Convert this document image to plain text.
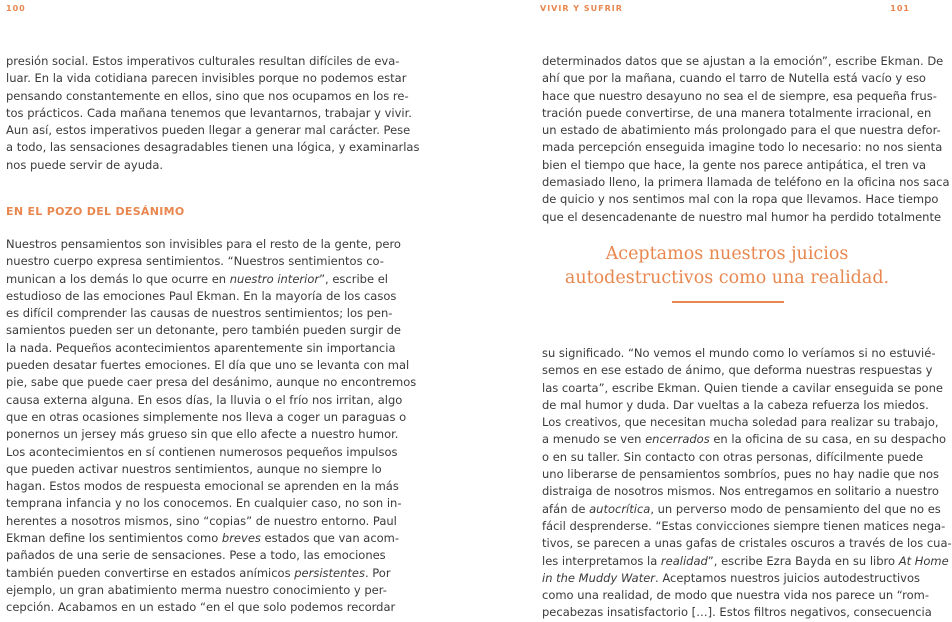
100

presión social. Estos imperativos culturales resultan difíciles de eva-
luar. En la vida cotidiana parecen invisibles porque no podemos estar
pensando constantemente en ellos, sino que nos ocupamos en los re-
tos prácticos. Cada mañana tenemos que levantarnos, trabajar y vivir.
Aun así, estos imperativos pueden llegar a generar mal carácter. Pese
a todo, las sensaciones desagradables tienen una lógica, y examinarlas
nos puede servir de ayuda.

EN EL POZO DEL DESÁNIMO

Nuestros pensamientos son invisibles para el resto de la gente, pero
nuestro cuerpo expresa sentimientos. “Nuestros sentimientos co-
munican a los demás lo que ocurre en nuestro interior”, escribe el
estudioso de las emociones Paul Ekman. En la mayoría de los casos
es difícil comprender las causas de nuestros sentimientos; los pen-
samientos pueden ser un detonante, pero también pueden surgir de
la nada. Pequeños acontecimientos aparentemente sin importancia
pueden desatar fuertes emociones. El día que uno se levanta con mal
pie, sabe que puede caer presa del desánimo, aunque no encontremos
causa externa alguna. En esos días, la lluvia o el frío nos irritan, algo
que en otras ocasiones simplemente nos lleva a coger un paraguas o
ponernos un jersey más grueso sin que ello afecte a nuestro humor.
Los acontecimientos en sí contienen numerosos pequeños impulsos
que pueden activar nuestros sentimientos, aunque no siempre lo
hagan. Estos modos de respuesta emocional se aprenden en la más
temprana infancia y no los conocemos. En cualquier caso, no son in-
herentes a nosotros mismos, sino “copias” de nuestro entorno. Paul
Ekman define los sentimientos como breves estados que van acom-
pañados de una serie de sensaciones. Pese a todo, las emociones
también pueden convertirse en estados anímicos persistentes. Por
ejemplo, un gran abatimiento merma nuestro conocimiento y per-
cepción. Acabamos en un estado “en el que solo podemos recordar

VIVIR Y SUFRIR	101

determinados datos que se ajustan a la emoción”, escribe Ekman. De
ahí que por la mañana, cuando el tarro de Nutella está vacío y eso
hace que nuestro desayuno no sea el de siempre, esa pequeña frus-
tración puede convertirse, de una manera totalmente irracional, en
un estado de abatimiento más prolongado para el que nuestra defor-
mada percepción enseguida imagine todo lo necesario: no nos sienta
bien el tiempo que hace, la gente nos parece antipática, el tren va
demasiado lleno, la primera llamada de teléfono en la oficina nos saca
de quicio y nos sentimos mal con la ropa que llevamos. Hace tiempo
que el desencadenante de nuestro mal humor ha perdido totalmente

Aceptamos nuestros juicios
autodestructivos como una realidad.

su significado. “No vemos el mundo como lo veríamos si no estuvié-
semos en ese estado de ánimo, que deforma nuestras respuestas y
las coarta”, escribe Ekman. Quien tiende a cavilar enseguida se pone
de mal humor y duda. Dar vueltas a la cabeza refuerza los miedos.
Los creativos, que necesitan mucha soledad para realizar su trabajo,
a menudo se ven encerrados en la oficina de su casa, en su despacho
o en su taller. Sin contacto con otras personas, difícilmente puede
uno liberarse de pensamientos sombríos, pues no hay nadie que nos
distraiga de nosotros mismos. Nos entregamos en solitario a nuestro
afán de autocrítica, un perverso modo de pensamiento del que no es
fácil desprenderse. “Estas convicciones siempre tienen matices nega-
tivos, se parecen a unas gafas de cristales oscuros a través de los cua-
les interpretamos la realidad”, escribe Ezra Bayda en su libro At Home
in the Muddy Water. Aceptamos nuestros juicios autodestructivos
como una realidad, de modo que nuestra vida nos parece un “rom-
pecabezas insatisfactorio […]. Estos filtros negativos, consecuencia
